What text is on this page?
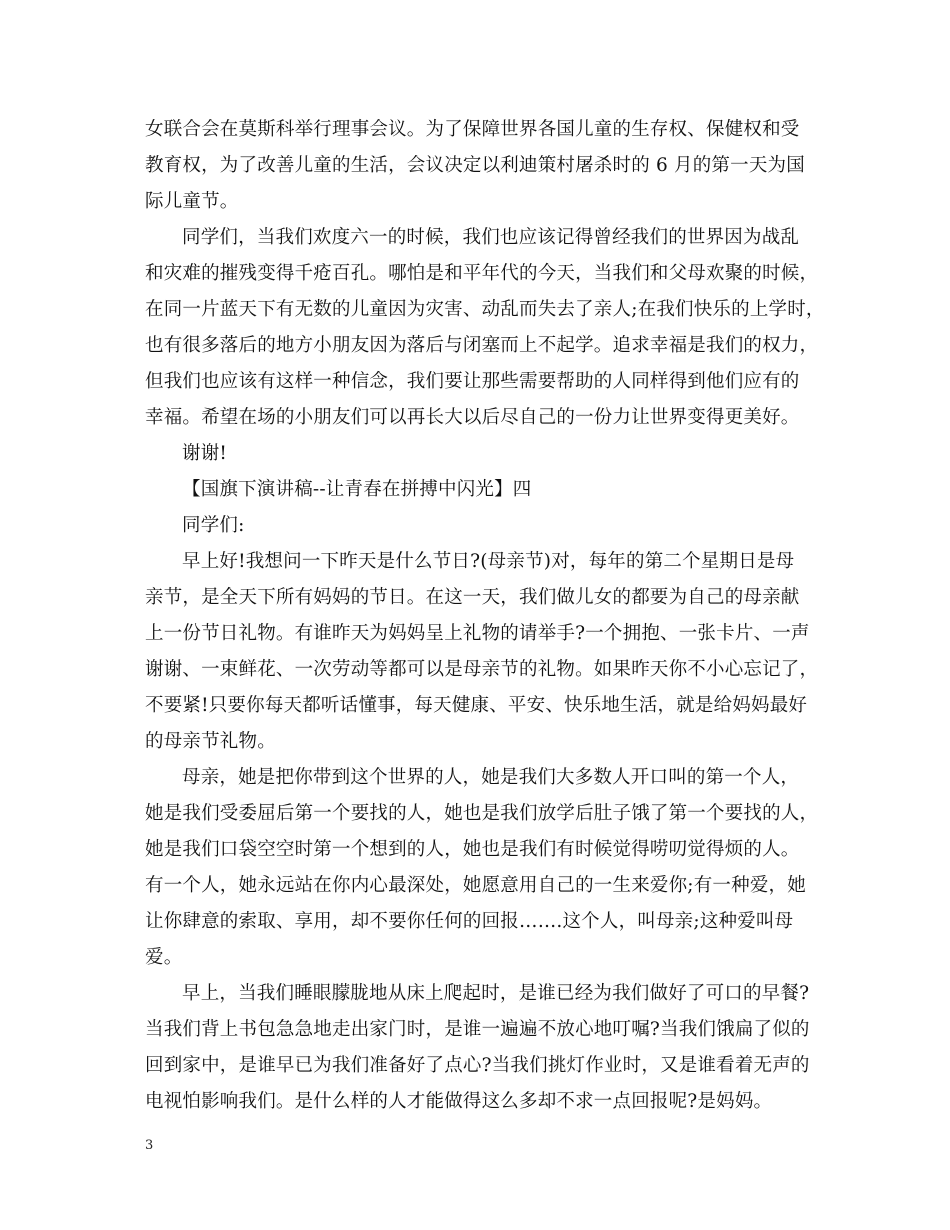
女联合会在莫斯科举行理事会议。为了保障世界各国儿童的生存权、保健权和受
教育权，为了改善儿童的生活，会议决定以利迪策村屠杀时的 6 月的第一天为国
际儿童节。
同学们，当我们欢度六一的时候，我们也应该记得曾经我们的世界因为战乱
和灾难的摧残变得千疮百孔。哪怕是和平年代的今天，当我们和父母欢聚的时候，
在同一片蓝天下有无数的儿童因为灾害、动乱而失去了亲人;在我们快乐的上学时，
也有很多落后的地方小朋友因为落后与闭塞而上不起学。追求幸福是我们的权力，
但我们也应该有这样一种信念，我们要让那些需要帮助的人同样得到他们应有的
幸福。希望在场的小朋友们可以再长大以后尽自己的一份力让世界变得更美好。
谢谢!
【国旗下演讲稿--让青春在拼搏中闪光】四
同学们:
早上好!我想问一下昨天是什么节日?(母亲节)对，每年的第二个星期日是母
亲节，是全天下所有妈妈的节日。在这一天，我们做儿女的都要为自己的母亲献
上一份节日礼物。有谁昨天为妈妈呈上礼物的请举手?一个拥抱、一张卡片、一声
谢谢、一束鲜花、一次劳动等都可以是母亲节的礼物。如果昨天你不小心忘记了，
不要紧!只要你每天都听话懂事，每天健康、平安、快乐地生活，就是给妈妈最好
的母亲节礼物。
母亲，她是把你带到这个世界的人，她是我们大多数人开口叫的第一个人，
她是我们受委屈后第一个要找的人，她也是我们放学后肚子饿了第一个要找的人，
她是我们口袋空空时第一个想到的人，她也是我们有时候觉得唠叨觉得烦的人。
有一个人，她永远站在你内心最深处，她愿意用自己的一生来爱你;有一种爱，她
让你肆意的索取、享用，却不要你任何的回报…….这个人，叫母亲;这种爱叫母
爱。
早上，当我们睡眼朦胧地从床上爬起时，是谁已经为我们做好了可口的早餐?
当我们背上书包急急地走出家门时，是谁一遍遍不放心地叮嘱?当我们饿扁了似的
回到家中，是谁早已为我们准备好了点心?当我们挑灯作业时，又是谁看着无声的
电视怕影响我们。是什么样的人才能做得这么多却不求一点回报呢?是妈妈。
3
